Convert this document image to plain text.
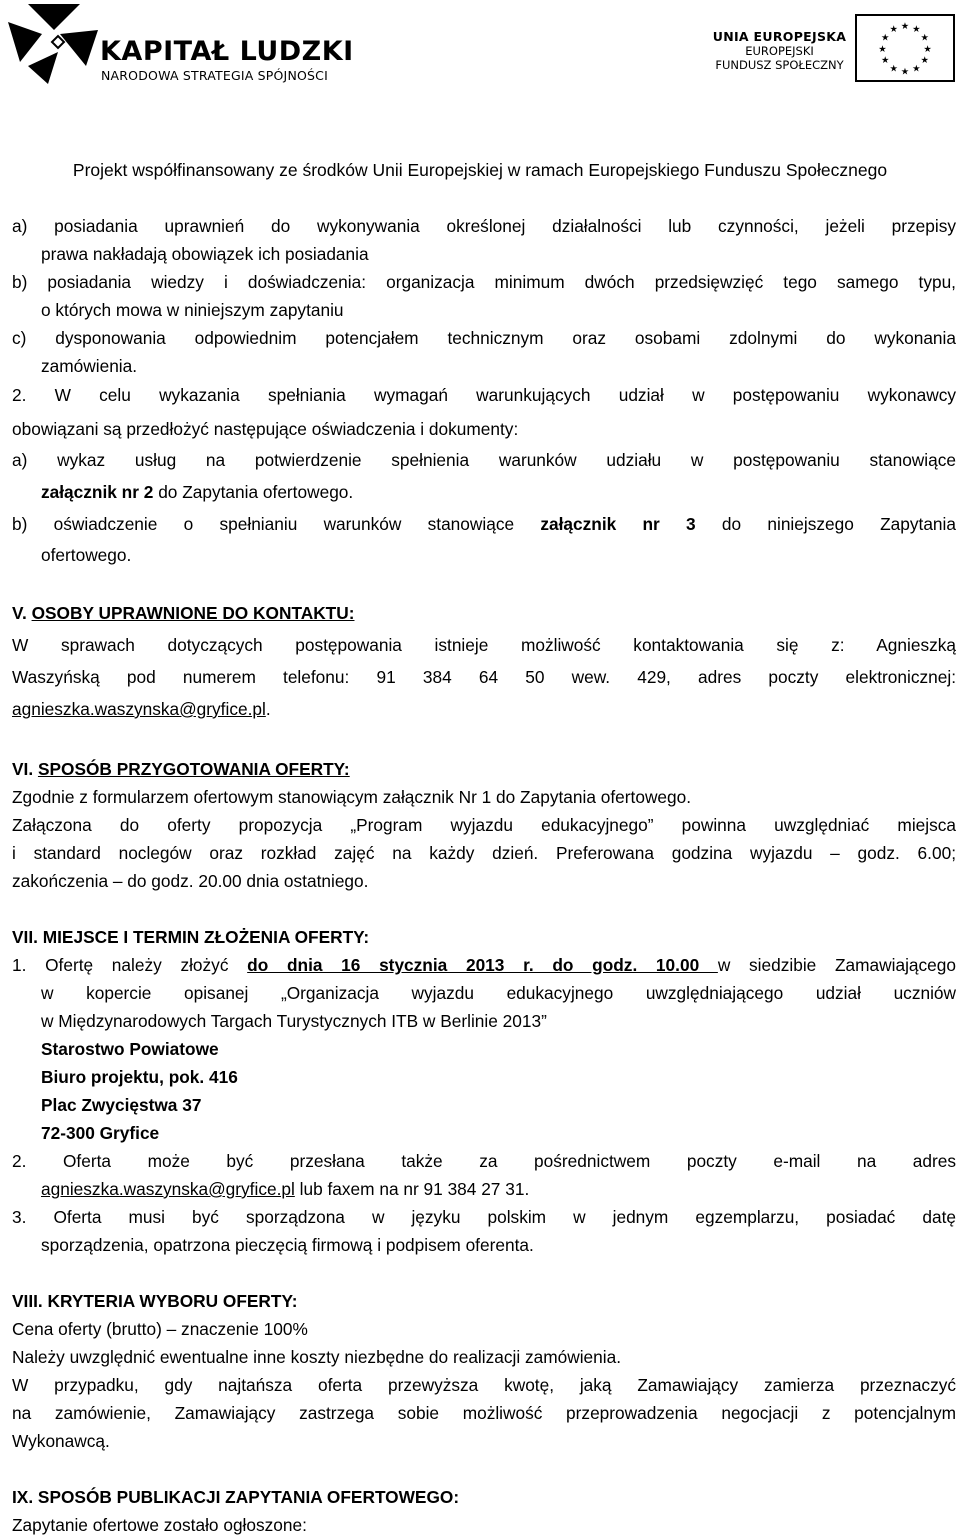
KAPITAŁ LUDZKI
NARODOWA STRATEGIA SPÓJNOŚCI
UNIA EUROPEJSKA
EUROPEJSKI
FUNDUSZ SPOŁECZNY
★ ★
★
★
★
★
★
★
★
★
★
★
Projekt współfinansowany ze środków Unii Europejskiej w ramach Europejskiego Funduszu Społecznego
a) posiadania uprawnień do wykonywania określonej działalności lub czynności, jeżeli przepisy
prawa nakładają obowiązek ich posiadania
b) posiadania wiedzy i doświadczenia: organizacja minimum dwóch przedsięwzięć tego samego typu,
o których mowa w niniejszym zapytaniu
c) dysponowania odpowiednim potencjałem technicznym oraz osobami zdolnymi do wykonania
zamówienia.
2. W celu wykazania spełniania wymagań warunkujących udział w postępowaniu wykonawcy
obowiązani są przedłożyć następujące oświadczenia i dokumenty:
a) wykaz usług na potwierdzenie spełnienia warunków udziału w postępowaniu stanowiące
załącznik nr 2 do Zapytania ofertowego.
b) oświadczenie o spełnianiu warunków stanowiące załącznik nr 3 do niniejszego Zapytania
ofertowego.
V. OSOBY UPRAWNIONE DO KONTAKTU:
W sprawach dotyczących postępowania istnieje możliwość kontaktowania się z: Agnieszką
Waszyńską pod numerem telefonu: 91 384 64 50 wew. 429, adres poczty elektronicznej:
agnieszka.waszynska@gryfice.pl.
VI. SPOSÓB PRZYGOTOWANIA OFERTY:
Zgodnie z formularzem ofertowym stanowiącym załącznik Nr 1 do Zapytania ofertowego.
Załączona do oferty propozycja „Program wyjazdu edukacyjnego” powinna uwzględniać miejsca
i standard noclegów oraz rozkład zajęć na każdy dzień. Preferowana godzina wyjazdu – godz. 6.00;
zakończenia – do godz. 20.00 dnia ostatniego.
VII. MIEJSCE I TERMIN ZŁOŻENIA OFERTY:
1. Ofertę należy złożyć do dnia 16 stycznia 2013 r. do godz. 10.00 w siedzibie Zamawiającego
w kopercie opisanej „Organizacja wyjazdu edukacyjnego uwzględniającego udział uczniów
w Międzynarodowych Targach Turystycznych ITB w Berlinie 2013”
Starostwo Powiatowe
Biuro projektu, pok. 416
Plac Zwycięstwa 37
72-300 Gryfice
2. Oferta może być przesłana także za pośrednictwem poczty e-mail na adres
agnieszka.waszynska@gryfice.pl lub faxem na nr 91 384 27 31.
3. Oferta musi być sporządzona w języku polskim w jednym egzemplarzu, posiadać datę
sporządzenia, opatrzona pieczęcią firmową i podpisem oferenta.
VIII. KRYTERIA WYBORU OFERTY:
Cena oferty (brutto) – znaczenie 100%
Należy uwzględnić ewentualne inne koszty niezbędne do realizacji zamówienia.
W przypadku, gdy najtańsza oferta przewyższa kwotę, jaką Zamawiający zamierza przeznaczyć
na zamówienie, Zamawiający zastrzega sobie możliwość przeprowadzenia negocjacji z potencjalnym
Wykonawcą.
IX. SPOSÓB PUBLIKACJI ZAPYTANIA OFERTOWEGO:
Zapytanie ofertowe zostało ogłoszone:
